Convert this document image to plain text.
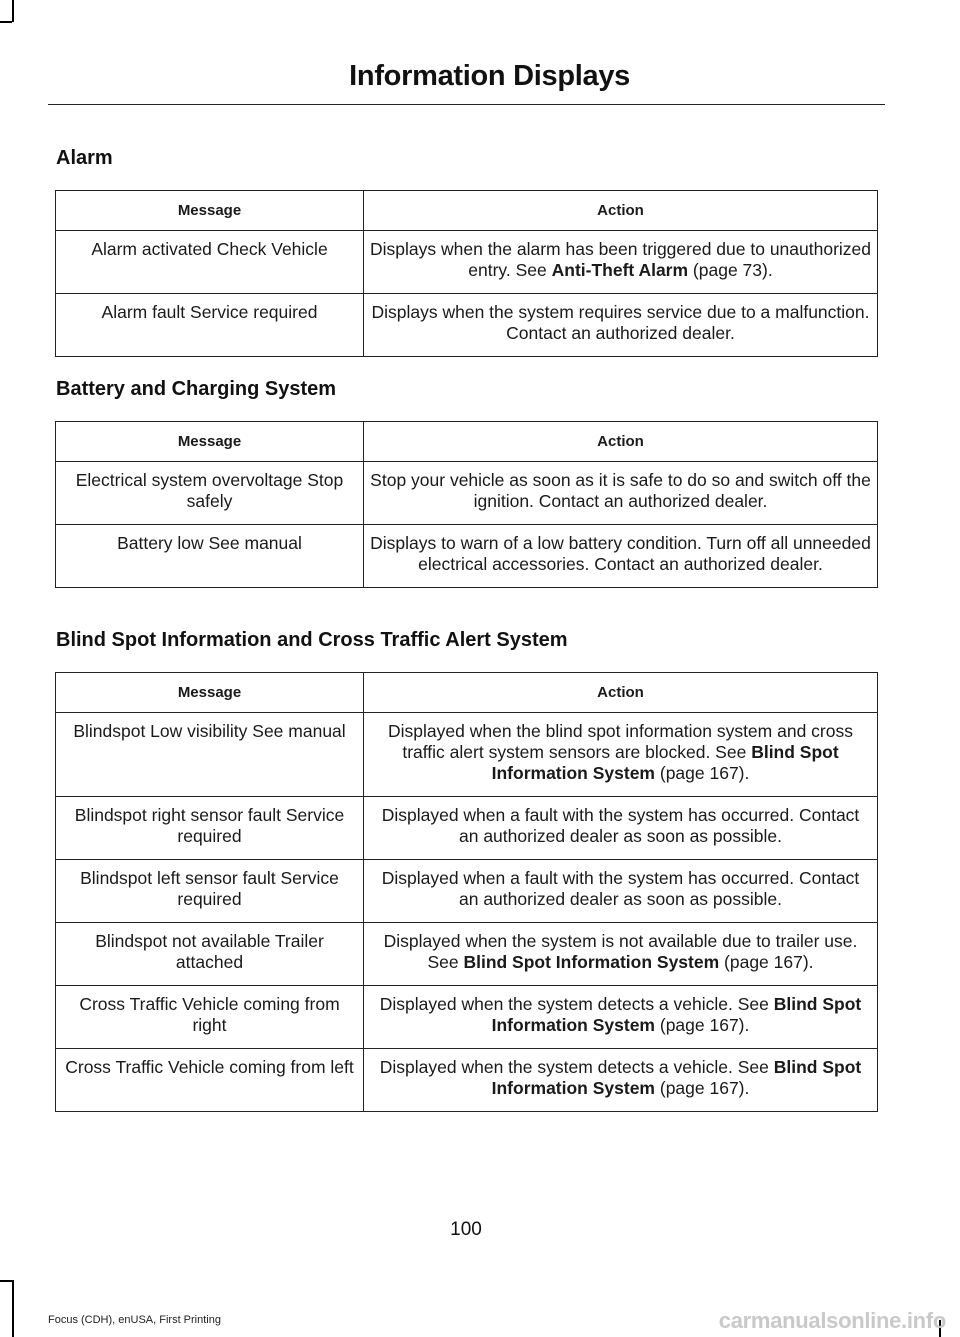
Information Displays
Alarm
Message	Action
Alarm activated Check Vehicle	Displays when the alarm has been triggered due to unauthorized entry. See Anti-Theft Alarm (page 73).
Alarm fault Service required	Displays when the system requires service due to a malfunction. Contact an authorized dealer.
Battery and Charging System
Message	Action
Electrical system overvoltage Stop safely	Stop your vehicle as soon as it is safe to do so and switch off the ignition. Contact an authorized dealer.
Battery low See manual	Displays to warn of a low battery condition. Turn off all unneeded electrical accessories. Contact an authorized dealer.
Blind Spot Information and Cross Traffic Alert System
Message	Action
Blindspot Low visibility See manual	Displayed when the blind spot information system and cross traffic alert system sensors are blocked. See Blind Spot Information System (page 167).
Blindspot right sensor fault Service required	Displayed when a fault with the system has occurred. Contact an authorized dealer as soon as possible.
Blindspot left sensor fault Service required	Displayed when a fault with the system has occurred. Contact an authorized dealer as soon as possible.
Blindspot not available Trailer attached	Displayed when the system is not available due to trailer use. See Blind Spot Information System (page 167).
Cross Traffic Vehicle coming from right	Displayed when the system detects a vehicle. See Blind Spot Information System (page 167).
Cross Traffic Vehicle coming from left	Displayed when the system detects a vehicle. See Blind Spot Information System (page 167).
100
Focus (CDH), enUSA, First Printing	carmanualsonline.info
